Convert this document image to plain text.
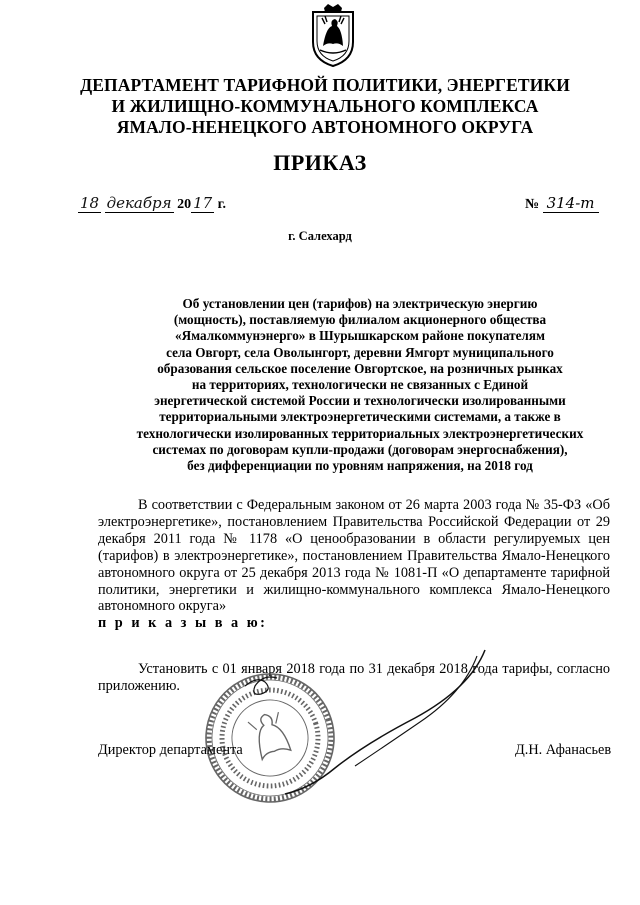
ДЕПАРТАМЕНТ ТАРИФНОЙ ПОЛИТИКИ, ЭНЕРГЕТИКИ
И ЖИЛИЩНО-КОММУНАЛЬНОГО КОМПЛЕКСА
ЯМАЛО-НЕНЕЦКОГО АВТОНОМНОГО ОКРУГА
ПРИКАЗ
18 декабря 20 17 г.	№ 314-т
г. Салехард
Об установлении цен (тарифов) на электрическую энергию
(мощность), поставляемую филиалом акционерного общества
«Ямалкоммунэнерго» в Шурышкарском районе покупателям
села Овгорт, села Оволынгорт, деревни Ямгорт муниципального
образования сельское поселение Овгортское, на розничных рынках
на территориях, технологически не связанных с Единой
энергетической системой России и технологически изолированными
территориальными электроэнергетическими системами, а также в
технологически изолированных территориальных электроэнергетических
системах по договорам купли-продажи (договорам энергоснабжения),
без дифференциации по уровням напряжения, на 2018 год
В соответствии с Федеральным законом от 26 марта 2003 года № 35-ФЗ «Об электроэнергетике», постановлением Правительства Российской Федерации от 29 декабря 2011 года № 1178 «О ценообразовании в области регулируемых цен (тарифов) в электроэнергетике», постановлением Правительства Ямало-Ненецкого автономного округа от 25 декабря 2013 года № 1081-П «О департаменте тарифной политики, энергетики и жилищно-коммунального комплекса Ямало-Ненецкого автономного округа»
п р и к а з ы в а ю:
Установить с 01 января 2018 года по 31 декабря 2018 года тарифы, согласно приложению.
Директор департамента	Д.Н. Афанасьев
